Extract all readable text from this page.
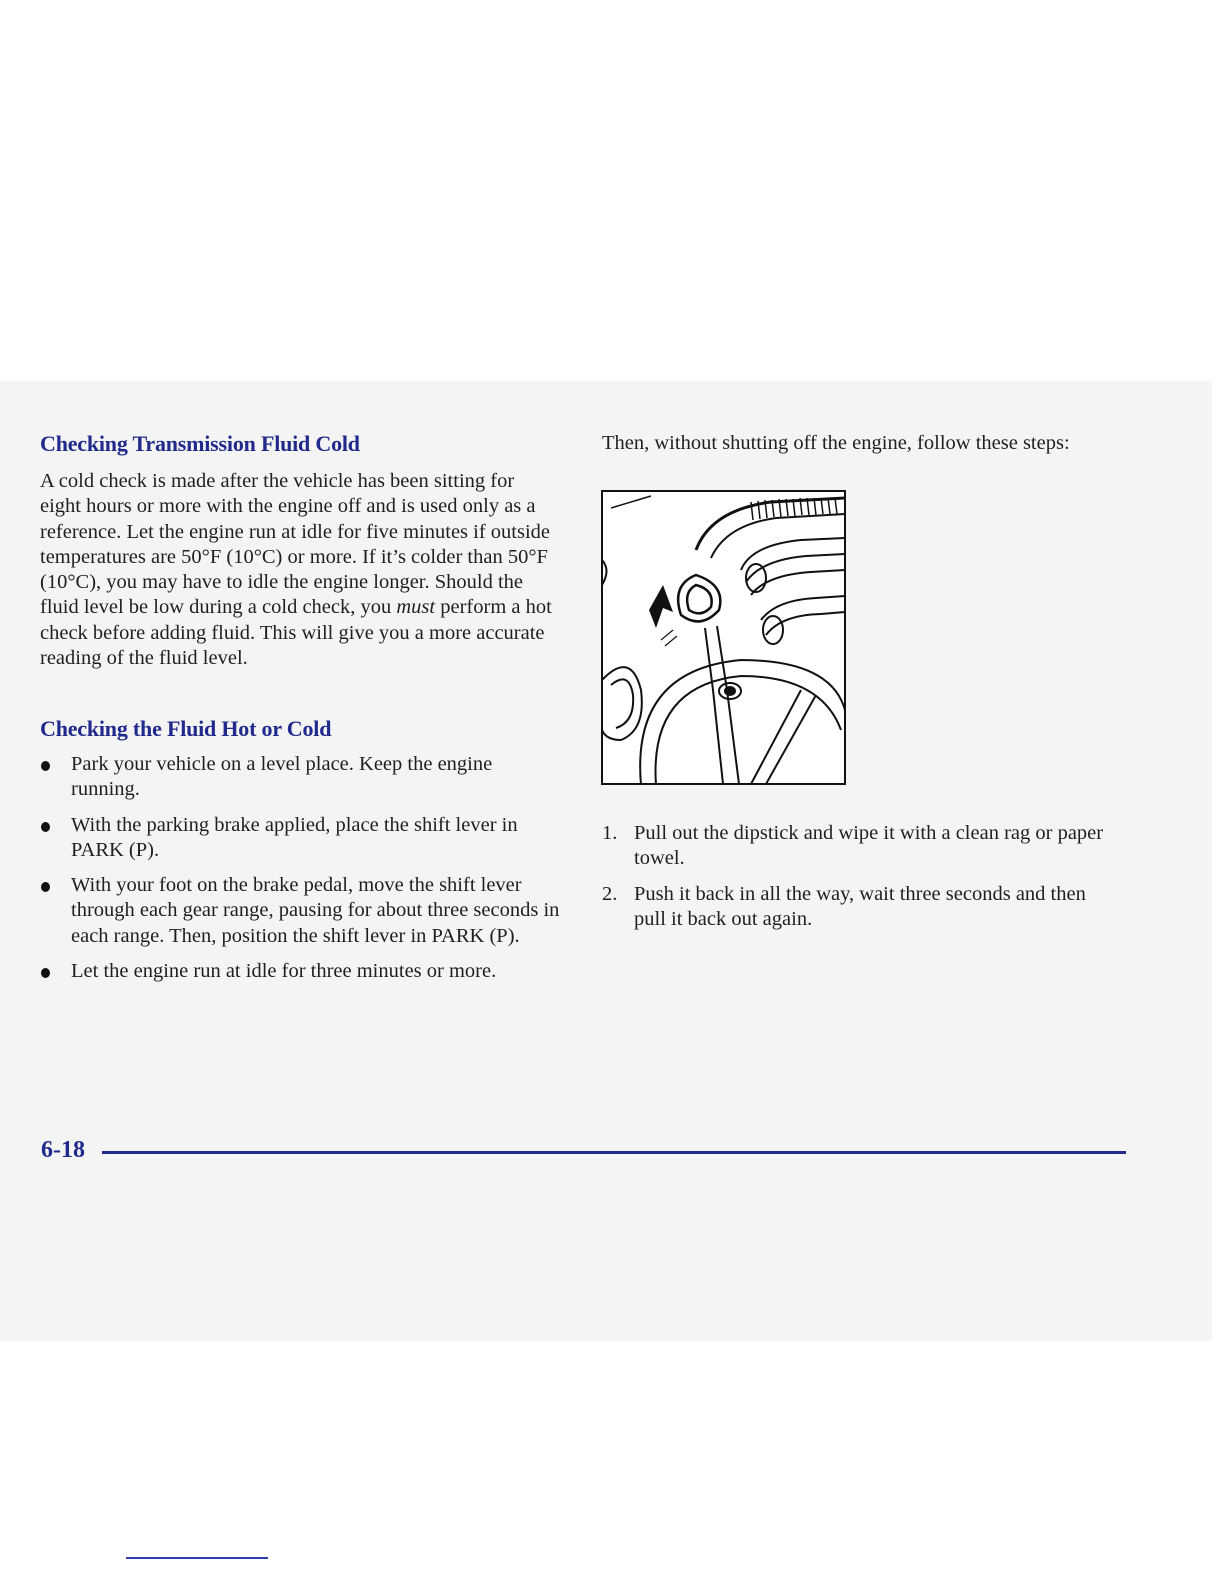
Checking Transmission Fluid Cold

A cold check is made after the vehicle has been sitting for eight hours or more with the engine off and is used only as a reference. Let the engine run at idle for five minutes if outside temperatures are 50°F (10°C) or more. If it’s colder than 50°F (10°C), you may have to idle the engine longer. Should the fluid level be low during a cold check, you must perform a hot check before adding fluid. This will give you a more accurate reading of the fluid level.

Checking the Fluid Hot or Cold
Park your vehicle on a level place. Keep the engine running.
With the parking brake applied, place the shift lever in PARK (P).
With your foot on the brake pedal, move the shift lever through each gear range, pausing for about three seconds in each range. Then, position the shift lever in PARK (P).
Let the engine run at idle for three minutes or more.

Then, without shutting off the engine, follow these steps:

1. Pull out the dipstick and wipe it with a clean rag or paper towel.
2. Push it back in all the way, wait three seconds and then pull it back out again.
6-18
